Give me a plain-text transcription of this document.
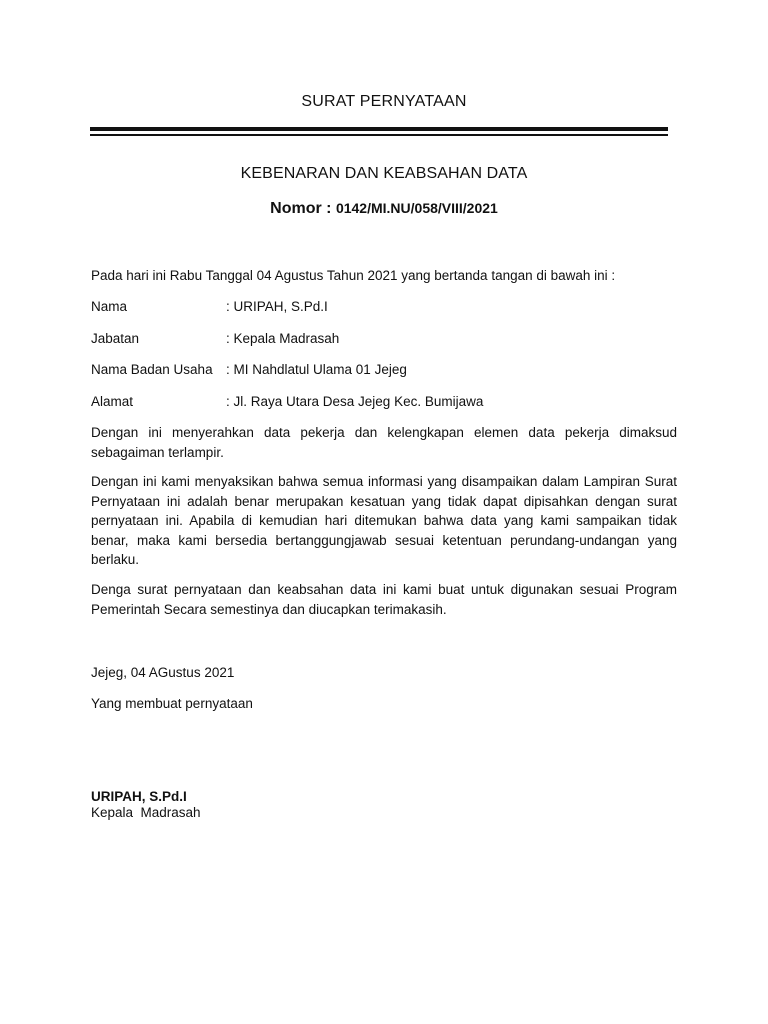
SURAT PERNYATAAN
KEBENARAN DAN KEABSAHAN DATA
Nomor : 0142/MI.NU/058/VIII/2021
Pada hari ini Rabu Tanggal 04 Agustus Tahun 2021 yang bertanda tangan di bawah ini :
Nama	: URIPAH, S.Pd.I
Jabatan	: Kepala Madrasah
Nama Badan Usaha : MI Nahdlatul Ulama 01 Jejeg
Alamat	: Jl. Raya Utara Desa Jejeg Kec. Bumijawa
Dengan ini menyerahkan data pekerja dan kelengkapan elemen data pekerja dimaksud sebagaiman terlampir.
Dengan ini kami menyaksikan bahwa semua informasi yang disampaikan dalam Lampiran Surat Pernyataan ini adalah benar merupakan kesatuan yang tidak dapat dipisahkan dengan surat pernyataan ini. Apabila di kemudian hari ditemukan bahwa data yang kami sampaikan tidak benar, maka kami bersedia bertanggungjawab sesuai ketentuan perundang-undangan yang berlaku.
Denga surat pernyataan dan keabsahan data ini kami buat untuk digunakan sesuai Program Pemerintah Secara semestinya dan diucapkan terimakasih.
Jejeg, 04 AGustus 2021
Yang membuat pernyataan
URIPAH, S.Pd.I
Kepala  Madrasah
